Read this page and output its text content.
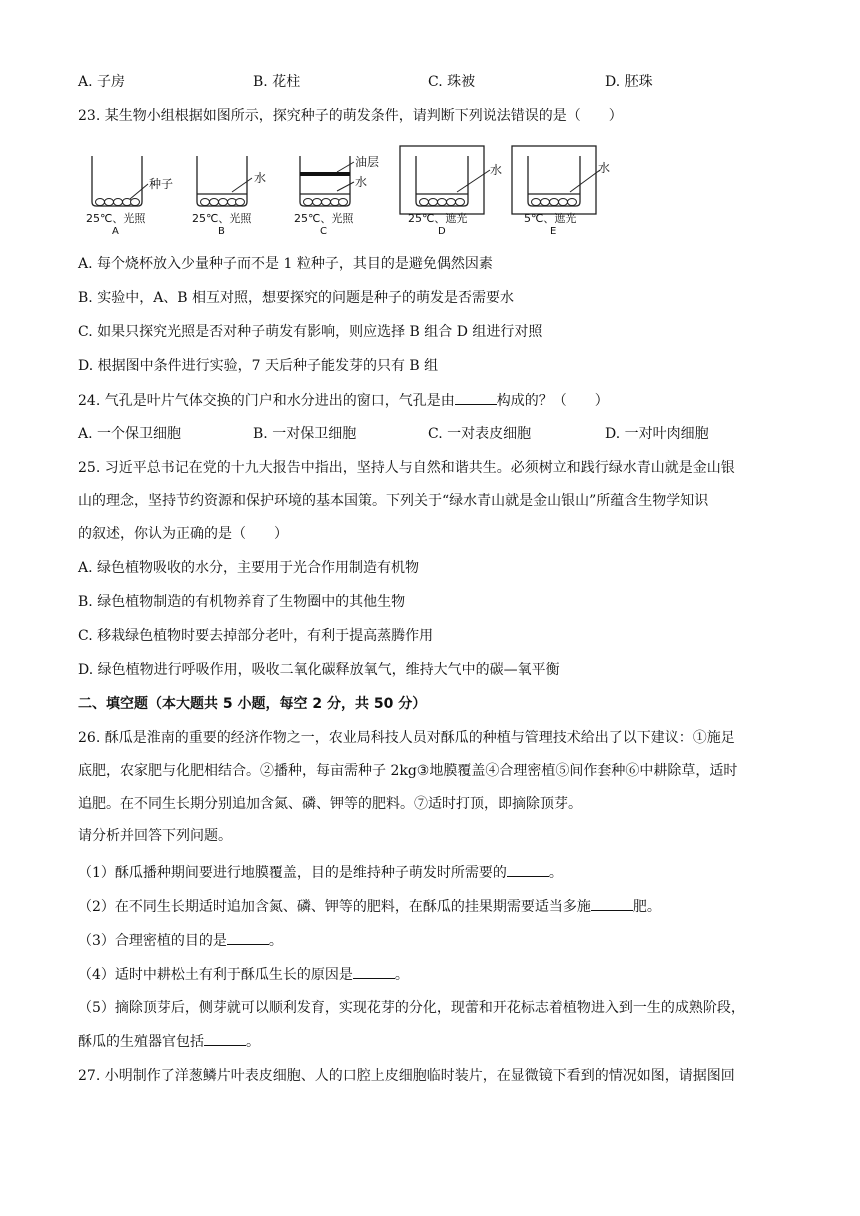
A. 子房	B. 花柱	C. 珠被	D. 胚珠
23. 某生物小组根据如图所示，探究种子的萌发条件，请判断下列说法错误的是（　　）
种子	水
油层
水
水	水
25℃、光照	25℃、光照	25℃、光照	25℃、遮光	5℃、遮光
A	B	C	D	E
A. 每个烧杯放入少量种子而不是 1 粒种子，其目的是避免偶然因素
B. 实验中，A、B 相互对照，想要探究的问题是种子的萌发是否需要水
C. 如果只探究光照是否对种子萌发有影响，则应选择 B 组合 D 组进行对照
D. 根据图中条件进行实验，7 天后种子能发芽的只有 B 组
24. 气孔是叶片气体交换的门户和水分进出的窗口，气孔是由	构成的？（　　）
A. 一个保卫细胞	B. 一对保卫细胞	C. 一对表皮细胞	D. 一对叶肉细胞
25. 习近平总书记在党的十九大报告中指出，坚持人与自然和谐共生。必须树立和践行绿水青山就是金山银
山的理念，坚持节约资源和保护环境的基本国策。下列关于“绿水青山就是金山银山”所蕴含生物学知识
的叙述，你认为正确的是（　　）
A. 绿色植物吸收的水分，主要用于光合作用制造有机物
B. 绿色植物制造的有机物养育了生物圈中的其他生物
C. 移栽绿色植物时要去掉部分老叶，有利于提高蒸腾作用
D. 绿色植物进行呼吸作用，吸收二氧化碳释放氧气，维持大气中的碳—氧平衡
二、填空题（本大题共 5 小题，每空 2 分，共 50 分）
26. 酥瓜是淮南的重要的经济作物之一，农业局科技人员对酥瓜的种植与管理技术给出了以下建议：①施足
底肥，农家肥与化肥相结合。②播种，每亩需种子 2kg③地膜覆盖④合理密植⑤间作套种⑥中耕除草，适时
追肥。在不同生长期分别追加含氮、磷、钾等的肥料。⑦适时打顶，即摘除顶芽。
请分析并回答下列问题。
（1）酥瓜播种期间要进行地膜覆盖，目的是维持种子萌发时所需要的	。
（2）在不同生长期适时追加含氮、磷、钾等的肥料，在酥瓜的挂果期需要适当多施	肥。
（3）合理密植的目的是	。
（4）适时中耕松土有利于酥瓜生长的原因是	。
（5）摘除顶芽后，侧芽就可以顺利发育，实现花芽的分化，现蕾和开花标志着植物进入到一生的成熟阶段，
酥瓜的生殖器官包括	。
27. 小明制作了洋葱鳞片叶表皮细胞、人的口腔上皮细胞临时装片，在显微镜下看到的情况如图，请据图回
